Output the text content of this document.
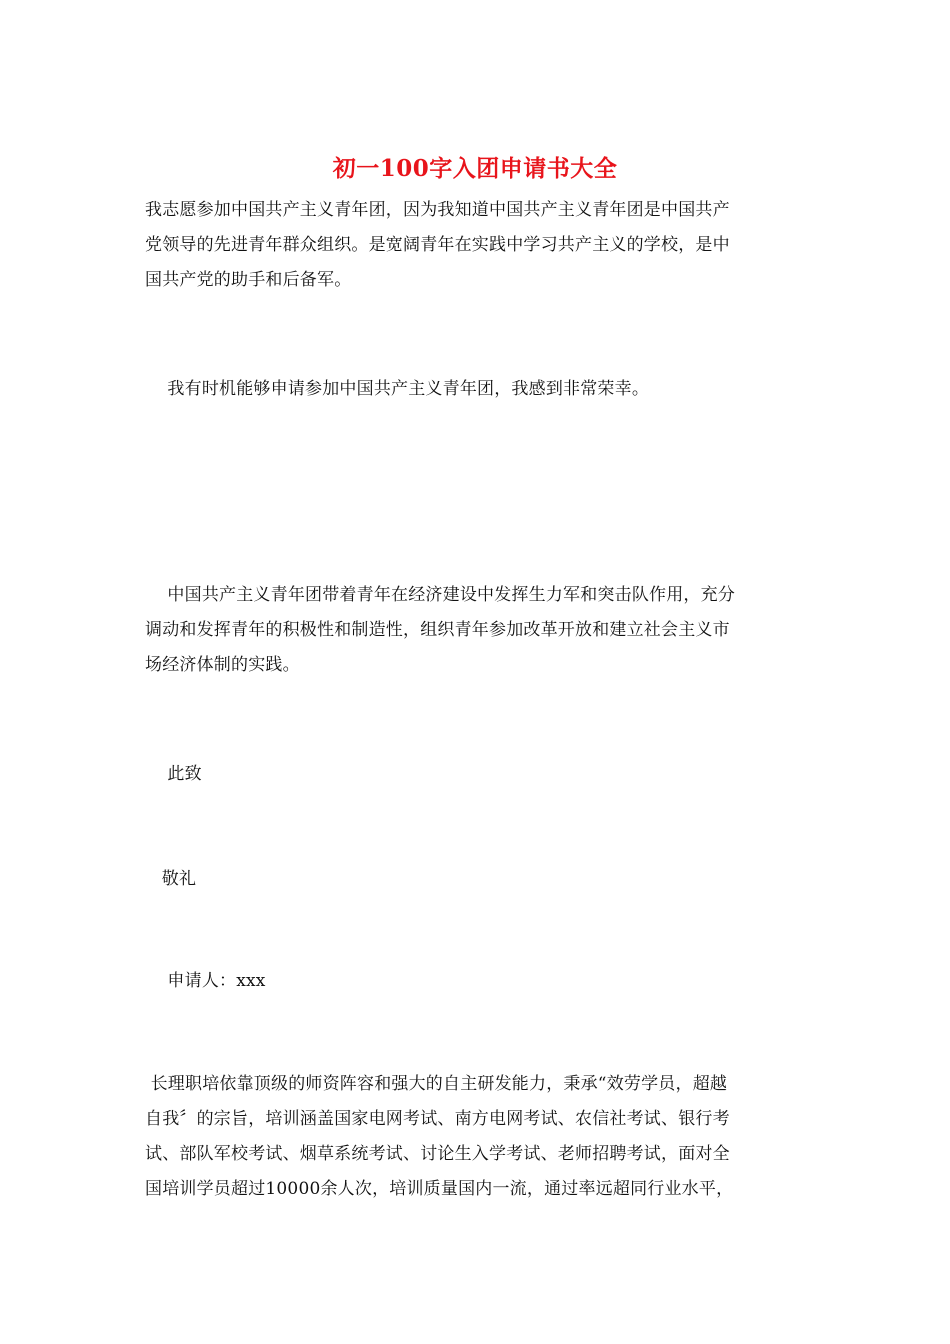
初一100字入团申请书大全
我志愿参加中国共产主义青年团，因为我知道中国共产主义青年团是中国共产
党领导的先进青年群众组织。是宽阔青年在实践中学习共产主义的学校，是中
国共产党的助手和后备军。
我有时机能够申请参加中国共产主义青年团，我感到非常荣幸。
中国共产主义青年团带着青年在经济建设中发挥生力军和突击队作用，充分
调动和发挥青年的积极性和制造性，组织青年参加改革开放和建立社会主义市
场经济体制的实践。
此致
敬礼
申请人：xxx
长理职培依靠顶级的师资阵容和强大的自主研发能力，秉承“效劳学员，超越
自我〞的宗旨，培训涵盖国家电网考试、南方电网考试、农信社考试、银行考
试、部队军校考试、烟草系统考试、讨论生入学考试、老师招聘考试，面对全
国培训学员超过10000余人次，培训质量国内一流，通过率远超同行业水平，
